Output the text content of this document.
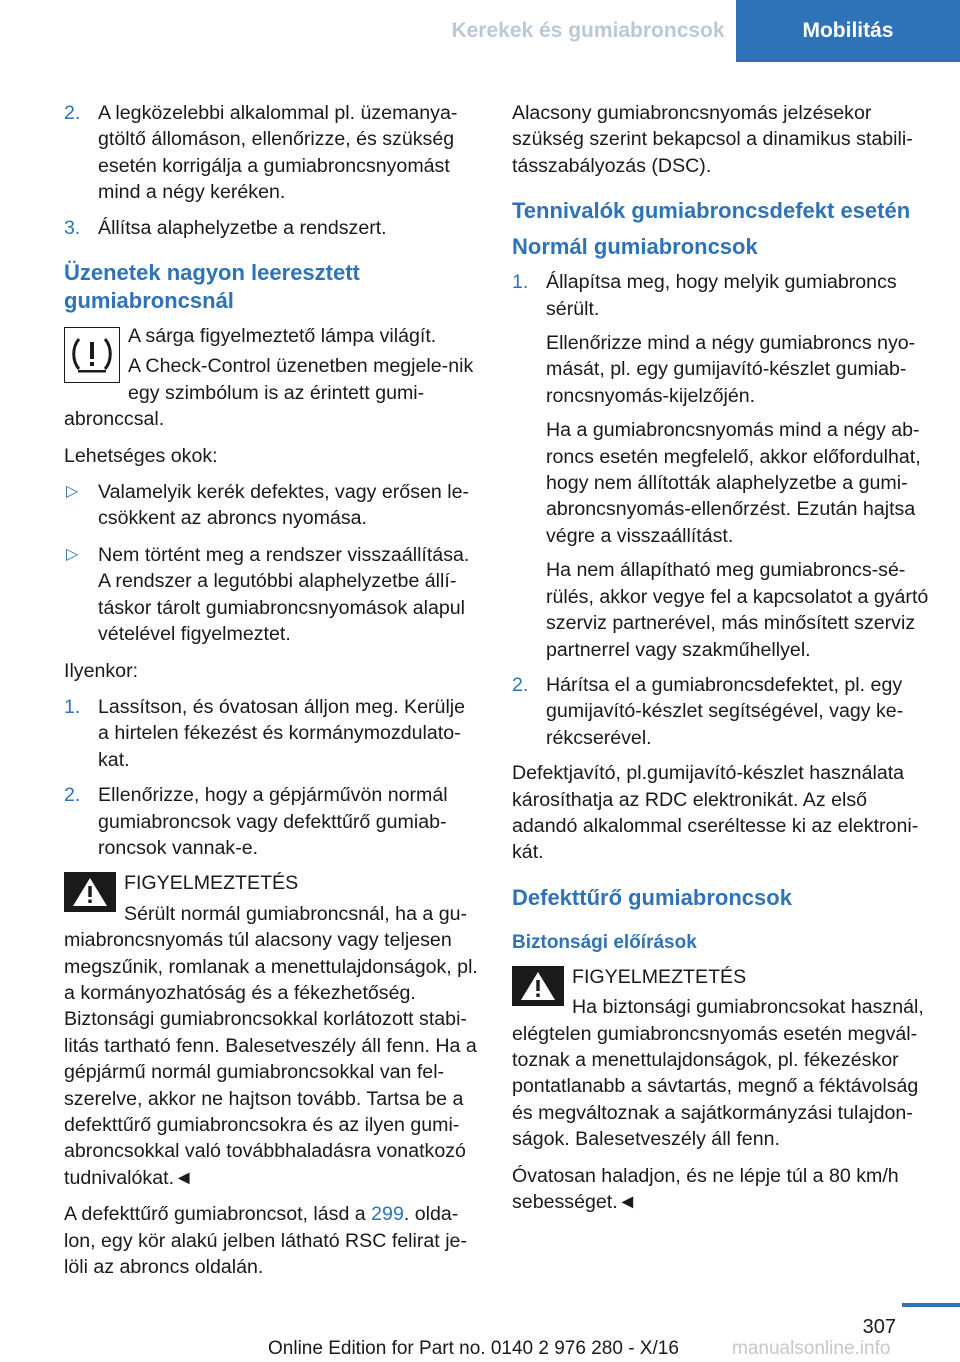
Kerekek és gumiabroncsok	Mobilitás
2. A legközelebbi alkalommal pl. üzemanya-gtöltő állomáson, ellenőrizze, és szükség esetén korrigálja a gumiabroncsnyomást mind a négy keréken.
3. Állítsa alaphelyzetbe a rendszert.
Üzenetek nagyon leeresztett gumiabroncsnál

A sárga figyelmeztető lámpa világít.

A Check-Control üzenetben megjele-nik egy szimbólum is az érintett gumi-abronccsal.

Lehetséges okok:

▷ Valamelyik kerék defektes, vagy erősen le-csökkent az abroncs nyomása.
▷ Nem történt meg a rendszer visszaállítása. A rendszer a legutóbbi alaphelyzetbe állí-táskor tárolt gumiabroncsnyomások alapul vételével figyelmeztet.

Ilyenkor:

1. Lassítson, és óvatosan álljon meg. Kerülje a hirtelen fékezést és kormánymozdulato-kat.
2. Ellenőrizze, hogy a gépjárművön normál gumiabroncsok vagy defekttűrő gumiab-roncsok vannak-e.

FIGYELMEZTETÉS

Sérült normál gumiabroncsnál, ha a gu-miabroncsnyomás túl alacsony vagy teljesen megszűnik, romlanak a menettulajdonságok, pl. a kormányozhatóság és a fékezhetőség. Biztonsági gumiabroncsokkal korlátozott stabi-litás tartható fenn. Balesetveszély áll fenn. Ha a gépjármű normál gumiabroncsokkal van fel-szerelve, akkor ne hajtson tovább. Tartsa be a defekttűrő gumiabroncsokra és az ilyen gumi-abroncsokkal való továbbhaladásra vonatkozó tudnivalókat.◄

A defekttűrő gumiabroncsot, lásd a 299. olda-lon, egy kör alakú jelben látható RSC felirat je-löli az abroncs oldalán.

Alacsony gumiabroncsnyomás jelzésekor szükség szerint bekapcsol a dinamikus stabili-tásszabályozás (DSC).

Tennivalók gumiabroncsdefekt esetén
Normál gumiabroncsok
1. Állapítsa meg, hogy melyik gumiabroncs sérült.
Ellenőrizze mind a négy gumiabroncs nyo-mását, pl. egy gumijavító-készlet gumiab-roncsnyomás-kijelzőjén.
Ha a gumiabroncsnyomás mind a négy ab-roncs esetén megfelelő, akkor előfordulhat, hogy nem állították alaphelyzetbe a gumi-abroncsnyomás-ellenőrzést. Ezután hajtsa végre a visszaállítást.
Ha nem állapítható meg gumiabroncs-sé-rülés, akkor vegye fel a kapcsolatot a gyártó szerviz partnerével, más minősített szerviz partnerrel vagy szakműhellyel.
2. Hárítsa el a gumiabroncsdefektet, pl. egy gumijavító-készlet segítségével, vagy ke-rékcserével.

Defektjavító, pl.gumijavító-készlet használata károsíthatja az RDC elektronikát. Az első adandó alkalommal cseréltesse ki az elektroni-kát.

Defekttűrő gumiabroncsok
Biztonsági előírások

FIGYELMEZTETÉS

Ha biztonsági gumiabroncsokat használ, elégtelen gumiabroncsnyomás esetén megvál-toznak a menettulajdonságok, pl. fékezéskor pontatlanabb a sávtartás, megnő a féktávolság és megváltoznak a sajátkormányzási tulajdon-ságok. Balesetveszély áll fenn.

Óvatosan haladjon, és ne lépje túl a 80 km/h sebességet.◄

307
Online Edition for Part no. 0140 2 976 280 - X/16	manualsonline.info
